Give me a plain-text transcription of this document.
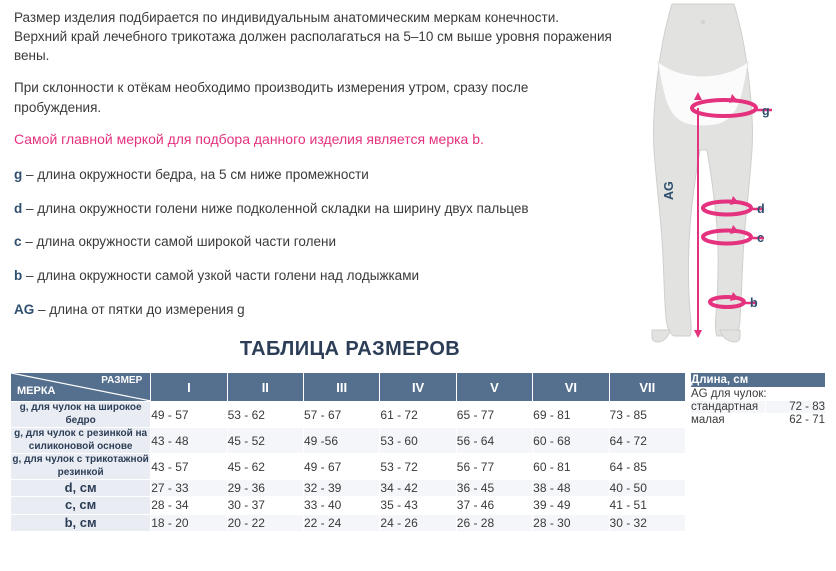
Размер изделия подбирается по индивидуальным анатомическим меркам конечности. Верхний край лечебного трикотажа должен располагаться на 5–10 см выше уровня поражения вены.
При склонности к отёкам необходимо производить измерения утром, сразу после пробуждения.
Самой главной меркой для подбора данного изделия является мерка b.
g – длина окружности бедра, на 5 см ниже промежности
d – длина окружности голени ниже подколенной складки на ширину двух пальцев
c – длина окружности самой широкой части голени
b – длина окружности самой узкой части голени над лодыжками
AG – длина от пятки до измерения g
g
d
c
b
AG
ТАБЛИЦА РАЗМЕРОВ
МЕРКА
РАЗМЕР	I	II	III	IV	V	VI	VII
g, для чулок на широкое бедро	49 - 57	53 - 62	57 - 67	61 - 72	65 - 77	69 - 81	73 - 85
g, для чулок с резинкой на силиконовой основе	43 - 48	45 - 52	49 -56	53 - 60	56 - 64	60 - 68	64 - 72
g, для чулок с трикотажной резинкой	43 - 57	45 - 62	49 - 67	53 - 72	56 - 77	60 - 81	64 - 85
d, см	27 - 33	29 - 36	32 - 39	34 - 42	36 - 45	38 - 48	40 - 50
c, см	28 - 34	30 - 37	33 - 40	35 - 43	37 - 46	39 - 49	41 - 51
b, см	18 - 20	20 - 22	22 - 24	24 - 26	26 - 28	28 - 30	30 - 32
Длина, см	
AG для чулок:	
стандартная	72 - 83
малая	62 - 71
